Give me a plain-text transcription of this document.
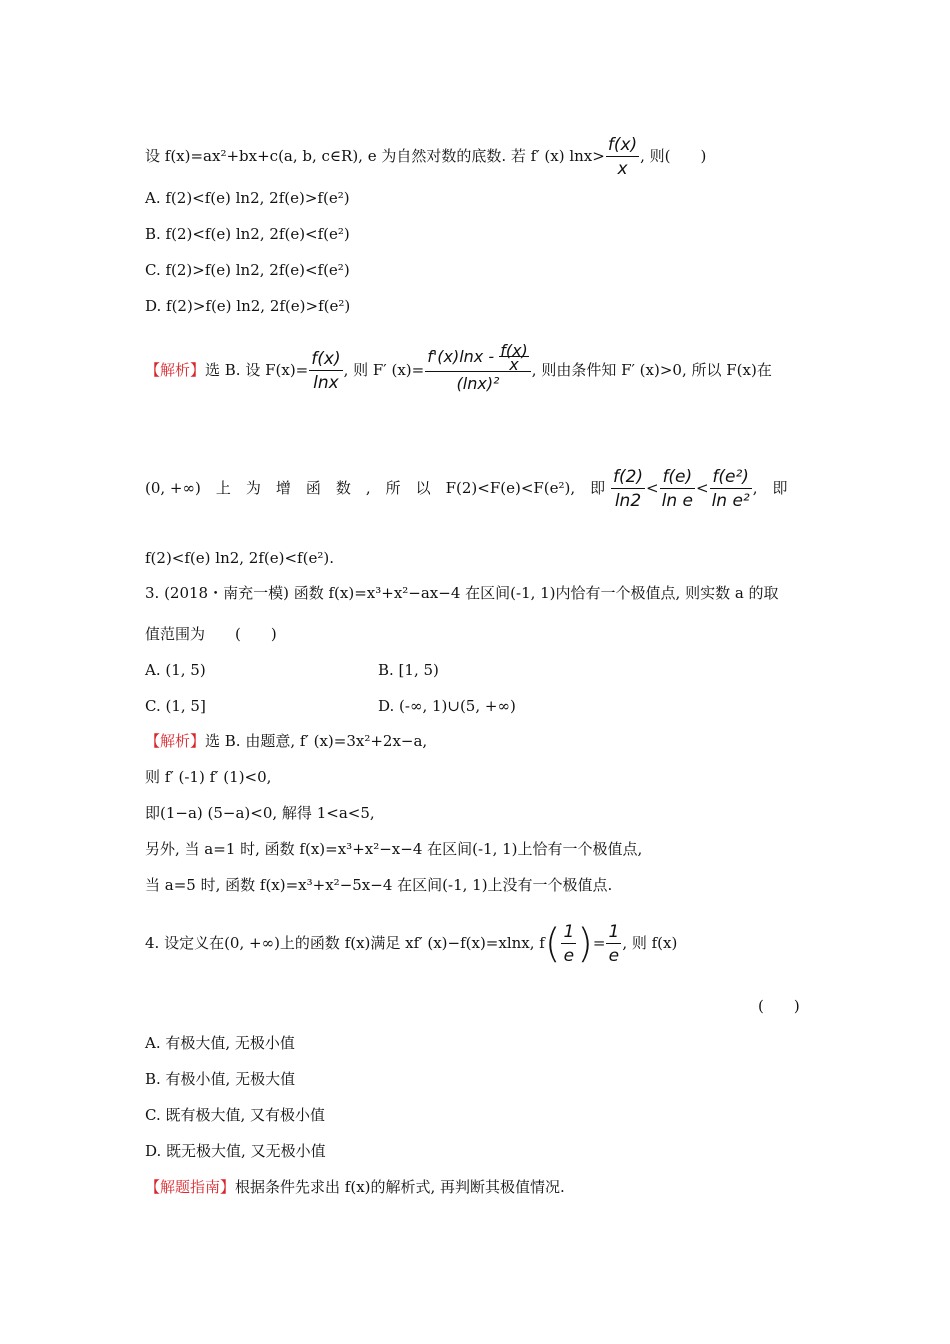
设 f(x)=ax²+bx+c(a, b, c∈R), e 为自然对数的底数. 若 f′ (x) $\ln x> \frac{f(x)}{x}$ , 则(　　)
A. f(2)<f(e) ln2, 2f(e)>f(e²)
B. f(2)<f(e) ln2, 2f(e)<f(e²)
C. f(2)>f(e) ln2, 2f(e)<f(e²)
D. f(2)>f(e) ln2, 2f(e)>f(e²)
【解析】选 B. 设 $F(x)= \frac{f(x)}{\ln x}$ , 则 F′ $(x)= \frac{f'(x)\ln x - \frac{f(x)}{x}}{\text{(lnx)²}}$ , 则由条件知 F′ (x)>0, 所以 F(x)在
(0, +∞)　上　为　增　函　数　,　所　以　F(2)<F(e)<F(e²),　即 $\frac{f(2)}{\ln 2} < \frac{f(e)}{\text{ln e}} < \frac{\text{f(e²)}}{\text{ln e²}}$ ,　即
f(2)<f(e) ln2, 2f(e)<f(e²).
3. (2018・南充一模) 函数 f(x)=x³+x²−ax−4 在区间(-1, 1)内恰有一个极值点, 则实数 a 的取
值范围为　　(　　)
A. (1, 5)	B. [1, 5)
C. (1, 5]	D. (-∞, 1)∪(5, +∞)
【解析】选 B. 由题意, f′ (x)=3x²+2x−a,
则 f′ (-1) f′ (1)<0,
即(1−a) (5−a)<0, 解得 1<a<5,
另外, 当 a=1 时, 函数 f(x)=x³+x²−x−4 在区间(-1, 1)上恰有一个极值点,
当 a=5 时, 函数 f(x)=x³+x²−5x−4 在区间(-1, 1)上没有一个极值点.
4. 设定义在(0, +∞)上的函数 f(x)满足 xf′ (x)−f(x)=xlnx, $f( \frac{1}{e}$ )= $\frac{1}{e}$ , 则 f(x)
(　　)
A. 有极大值, 无极小值
B. 有极小值, 无极大值
C. 既有极大值, 又有极小值
D. 既无极大值, 又无极小值
【解题指南】根据条件先求出 f(x)的解析式, 再判断其极值情况.
